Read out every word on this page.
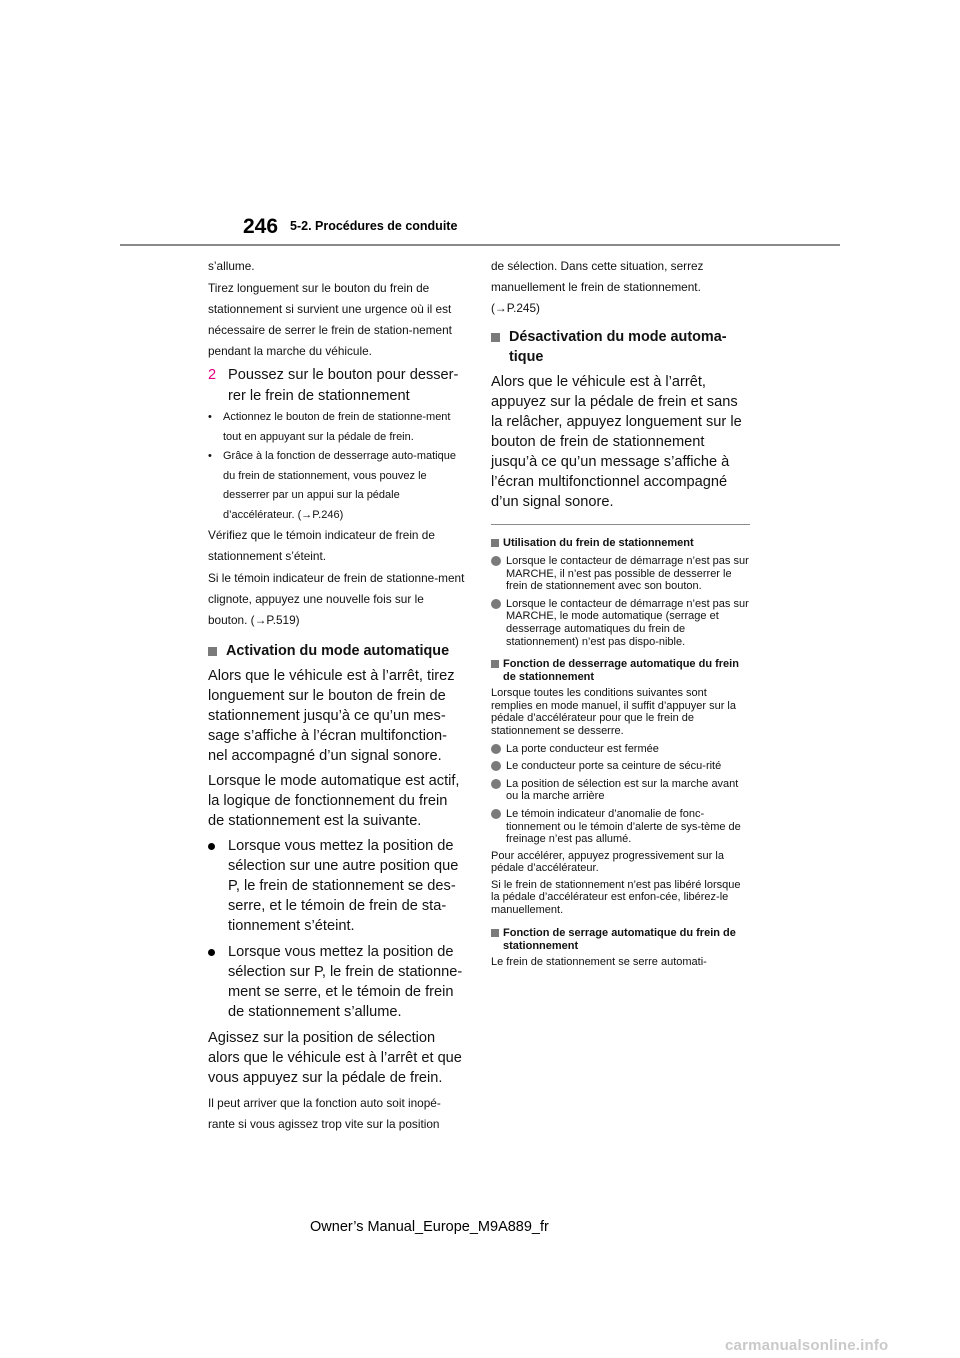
246 5-2. Procédures de conduite

s’allume.

Tirez longuement sur le bouton du frein de stationnement si survient une urgence où il est nécessaire de serrer le frein de station-nement pendant la marche du véhicule.

2 Poussez sur le bouton pour desser-rer le frein de stationnement
•	Actionnez le bouton de frein de stationne-ment tout en appuyant sur la pédale de frein.
•	Grâce à la fonction de desserrage auto-matique du frein de stationnement, vous pouvez le desserrer par un appui sur la pédale d’accélérateur. (→P.246)

Vérifiez que le témoin indicateur de frein de stationnement s’éteint.

Si le témoin indicateur de frein de stationne-ment clignote, appuyez une nouvelle fois sur le bouton. (→P.519)

Activation du mode automatique

Alors que le véhicule est à l’arrêt, tirez longuement sur le bouton de frein de stationnement jusqu’à ce qu’un mes-sage s’affiche à l’écran multifonction-nel accompagné d’un signal sonore.

Lorsque le mode automatique est actif, la logique de fonctionnement du frein de stationnement est la suivante.

Lorsque vous mettez la position de sélection sur une autre position que P, le frein de stationnement se des-serre, et le témoin de frein de sta-tionnement s’éteint.
Lorsque vous mettez la position de sélection sur P, le frein de stationne-ment se serre, et le témoin de frein de stationnement s’allume.

Agissez sur la position de sélection alors que le véhicule est à l’arrêt et que vous appuyez sur la pédale de frein.

Il peut arriver que la fonction auto soit inopé-rante si vous agissez trop vite sur la position

de sélection. Dans cette situation, serrez manuellement le frein de stationnement. (→P.245)

Désactivation du mode automa-tique

Alors que le véhicule est à l’arrêt, appuyez sur la pédale de frein et sans la relâcher, appuyez longuement sur le bouton de frein de stationnement jusqu’à ce qu’un message s’affiche à l’écran multifonctionnel accompagné d’un signal sonore.

Utilisation du frein de stationnement
Lorsque le contacteur de démarrage n’est pas sur MARCHE, il n’est pas possible de desserrer le frein de stationnement avec son bouton.
Lorsque le contacteur de démarrage n’est pas sur MARCHE, le mode automatique (serrage et desserrage automatiques du frein de stationnement) n’est pas dispo-nible.
Fonction de desserrage automatique du frein de stationnement

Lorsque toutes les conditions suivantes sont remplies en mode manuel, il suffit d’appuyer sur la pédale d’accélérateur pour que le frein de stationnement se desserre.

La porte conducteur est fermée
Le conducteur porte sa ceinture de sécu-rité
La position de sélection est sur la marche avant ou la marche arrière
Le témoin indicateur d’anomalie de fonc-tionnement ou le témoin d’alerte de sys-tème de freinage n’est pas allumé.

Pour accélérer, appuyez progressivement sur la pédale d’accélérateur.

Si le frein de stationnement n’est pas libéré lorsque la pédale d’accélérateur est enfon-cée, libérez-le manuellement.

Fonction de serrage automatique du frein de stationnement

Le frein de stationnement se serre automati-

Owner’s Manual_Europe_M9A889_fr
carmanualsonline.info
